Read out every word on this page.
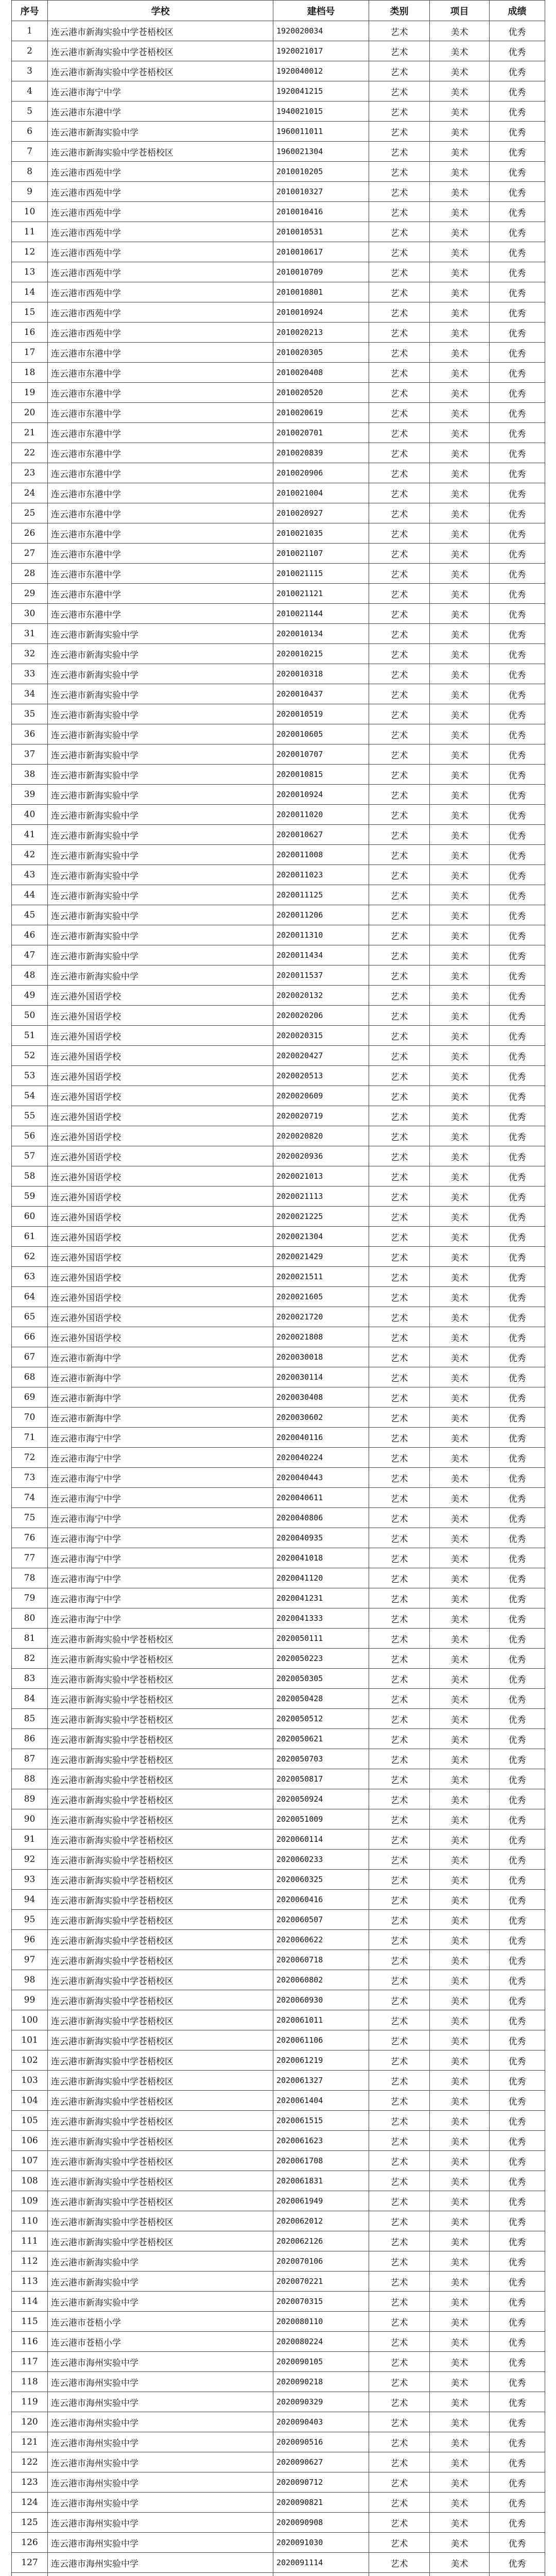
序号	学校	建档号	类别	项目	成绩
1	连云港市新海实验中学苍梧校区	1920020034	艺术	美术	优秀
2	连云港市新海实验中学苍梧校区	1920021017	艺术	美术	优秀
3	连云港市新海实验中学苍梧校区	1920040012	艺术	美术	优秀
4	连云港市海宁中学	1920041215	艺术	美术	优秀
5	连云港市东港中学	1940021015	艺术	美术	优秀
6	连云港市新海实验中学	1960011011	艺术	美术	优秀
7	连云港市新海实验中学苍梧校区	1960021304	艺术	美术	优秀
8	连云港市西苑中学	2010010205	艺术	美术	优秀
9	连云港市西苑中学	2010010327	艺术	美术	优秀
10	连云港市西苑中学	2010010416	艺术	美术	优秀
11	连云港市西苑中学	2010010531	艺术	美术	优秀
12	连云港市西苑中学	2010010617	艺术	美术	优秀
13	连云港市西苑中学	2010010709	艺术	美术	优秀
14	连云港市西苑中学	2010010801	艺术	美术	优秀
15	连云港市西苑中学	2010010924	艺术	美术	优秀
16	连云港市西苑中学	2010020213	艺术	美术	优秀
17	连云港市东港中学	2010020305	艺术	美术	优秀
18	连云港市东港中学	2010020408	艺术	美术	优秀
19	连云港市东港中学	2010020520	艺术	美术	优秀
20	连云港市东港中学	2010020619	艺术	美术	优秀
21	连云港市东港中学	2010020701	艺术	美术	优秀
22	连云港市东港中学	2010020839	艺术	美术	优秀
23	连云港市东港中学	2010020906	艺术	美术	优秀
24	连云港市东港中学	2010021004	艺术	美术	优秀
25	连云港市东港中学	2010020927	艺术	美术	优秀
26	连云港市东港中学	2010021035	艺术	美术	优秀
27	连云港市东港中学	2010021107	艺术	美术	优秀
28	连云港市东港中学	2010021115	艺术	美术	优秀
29	连云港市东港中学	2010021121	艺术	美术	优秀
30	连云港市东港中学	2010021144	艺术	美术	优秀
31	连云港市新海实验中学	2020010134	艺术	美术	优秀
32	连云港市新海实验中学	2020010215	艺术	美术	优秀
33	连云港市新海实验中学	2020010318	艺术	美术	优秀
34	连云港市新海实验中学	2020010437	艺术	美术	优秀
35	连云港市新海实验中学	2020010519	艺术	美术	优秀
36	连云港市新海实验中学	2020010605	艺术	美术	优秀
37	连云港市新海实验中学	2020010707	艺术	美术	优秀
38	连云港市新海实验中学	2020010815	艺术	美术	优秀
39	连云港市新海实验中学	2020010924	艺术	美术	优秀
40	连云港市新海实验中学	2020011020	艺术	美术	优秀
41	连云港市新海实验中学	2020010627	艺术	美术	优秀
42	连云港市新海实验中学	2020011008	艺术	美术	优秀
43	连云港市新海实验中学	2020011023	艺术	美术	优秀
44	连云港市新海实验中学	2020011125	艺术	美术	优秀
45	连云港市新海实验中学	2020011206	艺术	美术	优秀
46	连云港市新海实验中学	2020011310	艺术	美术	优秀
47	连云港市新海实验中学	2020011434	艺术	美术	优秀
48	连云港市新海实验中学	2020011537	艺术	美术	优秀
49	连云港外国语学校	2020020132	艺术	美术	优秀
50	连云港外国语学校	2020020206	艺术	美术	优秀
51	连云港外国语学校	2020020315	艺术	美术	优秀
52	连云港外国语学校	2020020427	艺术	美术	优秀
53	连云港外国语学校	2020020513	艺术	美术	优秀
54	连云港外国语学校	2020020609	艺术	美术	优秀
55	连云港外国语学校	2020020719	艺术	美术	优秀
56	连云港外国语学校	2020020820	艺术	美术	优秀
57	连云港外国语学校	2020020936	艺术	美术	优秀
58	连云港外国语学校	2020021013	艺术	美术	优秀
59	连云港外国语学校	2020021113	艺术	美术	优秀
60	连云港外国语学校	2020021225	艺术	美术	优秀
61	连云港外国语学校	2020021304	艺术	美术	优秀
62	连云港外国语学校	2020021429	艺术	美术	优秀
63	连云港外国语学校	2020021511	艺术	美术	优秀
64	连云港外国语学校	2020021605	艺术	美术	优秀
65	连云港外国语学校	2020021720	艺术	美术	优秀
66	连云港外国语学校	2020021808	艺术	美术	优秀
67	连云港市新海中学	2020030018	艺术	美术	优秀
68	连云港市新海中学	2020030114	艺术	美术	优秀
69	连云港市新海中学	2020030408	艺术	美术	优秀
70	连云港市新海中学	2020030602	艺术	美术	优秀
71	连云港市海宁中学	2020040116	艺术	美术	优秀
72	连云港市海宁中学	2020040224	艺术	美术	优秀
73	连云港市海宁中学	2020040443	艺术	美术	优秀
74	连云港市海宁中学	2020040611	艺术	美术	优秀
75	连云港市海宁中学	2020040806	艺术	美术	优秀
76	连云港市海宁中学	2020040935	艺术	美术	优秀
77	连云港市海宁中学	2020041018	艺术	美术	优秀
78	连云港市海宁中学	2020041120	艺术	美术	优秀
79	连云港市海宁中学	2020041231	艺术	美术	优秀
80	连云港市海宁中学	2020041333	艺术	美术	优秀
81	连云港市新海实验中学苍梧校区	2020050111	艺术	美术	优秀
82	连云港市新海实验中学苍梧校区	2020050223	艺术	美术	优秀
83	连云港市新海实验中学苍梧校区	2020050305	艺术	美术	优秀
84	连云港市新海实验中学苍梧校区	2020050428	艺术	美术	优秀
85	连云港市新海实验中学苍梧校区	2020050512	艺术	美术	优秀
86	连云港市新海实验中学苍梧校区	2020050621	艺术	美术	优秀
87	连云港市新海实验中学苍梧校区	2020050703	艺术	美术	优秀
88	连云港市新海实验中学苍梧校区	2020050817	艺术	美术	优秀
89	连云港市新海实验中学苍梧校区	2020050924	艺术	美术	优秀
90	连云港市新海实验中学苍梧校区	2020051009	艺术	美术	优秀
91	连云港市新海实验中学苍梧校区	2020060114	艺术	美术	优秀
92	连云港市新海实验中学苍梧校区	2020060233	艺术	美术	优秀
93	连云港市新海实验中学苍梧校区	2020060325	艺术	美术	优秀
94	连云港市新海实验中学苍梧校区	2020060416	艺术	美术	优秀
95	连云港市新海实验中学苍梧校区	2020060507	艺术	美术	优秀
96	连云港市新海实验中学苍梧校区	2020060622	艺术	美术	优秀
97	连云港市新海实验中学苍梧校区	2020060718	艺术	美术	优秀
98	连云港市新海实验中学苍梧校区	2020060802	艺术	美术	优秀
99	连云港市新海实验中学苍梧校区	2020060930	艺术	美术	优秀
100	连云港市新海实验中学苍梧校区	2020061011	艺术	美术	优秀
101	连云港市新海实验中学苍梧校区	2020061106	艺术	美术	优秀
102	连云港市新海实验中学苍梧校区	2020061219	艺术	美术	优秀
103	连云港市新海实验中学苍梧校区	2020061327	艺术	美术	优秀
104	连云港市新海实验中学苍梧校区	2020061404	艺术	美术	优秀
105	连云港市新海实验中学苍梧校区	2020061515	艺术	美术	优秀
106	连云港市新海实验中学苍梧校区	2020061623	艺术	美术	优秀
107	连云港市新海实验中学苍梧校区	2020061708	艺术	美术	优秀
108	连云港市新海实验中学苍梧校区	2020061831	艺术	美术	优秀
109	连云港市新海实验中学苍梧校区	2020061949	艺术	美术	优秀
110	连云港市新海实验中学苍梧校区	2020062012	艺术	美术	优秀
111	连云港市新海实验中学苍梧校区	2020062126	艺术	美术	优秀
112	连云港市新海实验中学	2020070106	艺术	美术	优秀
113	连云港市新海实验中学	2020070221	艺术	美术	优秀
114	连云港市新海实验中学	2020070315	艺术	美术	优秀
115	连云港市苍梧小学	2020080110	艺术	美术	优秀
116	连云港市苍梧小学	2020080224	艺术	美术	优秀
117	连云港市海州实验中学	2020090105	艺术	美术	优秀
118	连云港市海州实验中学	2020090218	艺术	美术	优秀
119	连云港市海州实验中学	2020090329	艺术	美术	优秀
120	连云港市海州实验中学	2020090403	艺术	美术	优秀
121	连云港市海州实验中学	2020090516	艺术	美术	优秀
122	连云港市海州实验中学	2020090627	艺术	美术	优秀
123	连云港市海州实验中学	2020090712	艺术	美术	优秀
124	连云港市海州实验中学	2020090821	艺术	美术	优秀
125	连云港市海州实验中学	2020090908	艺术	美术	优秀
126	连云港市海州实验中学	2020091030	艺术	美术	优秀
127	连云港市海州实验中学	2020091114	艺术	美术	优秀
